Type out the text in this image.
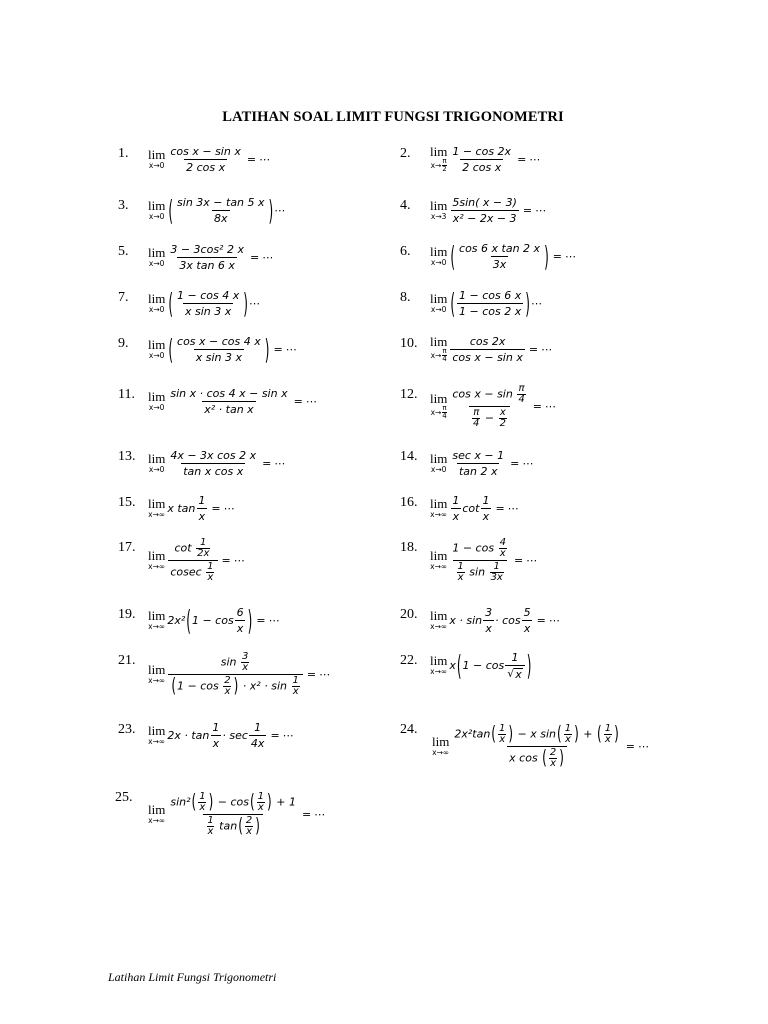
LATIHAN SOAL LIMIT FUNGSI TRIGONOMETRI
1. lim
$x\to 0 \frac{\text{cos x − sin x}}{\text{2 cos x}}$ = ⋯	2. lim
x→ π
$2 \frac{1 - \cos 2x}{\text{2 cos x}}$ = ⋯
3. lim
x→0 ( $\frac{\sin 3x - \tan 5 x}{8x}$ ) ⋯	4. lim
$x\to 3 \frac{5\sin( x - 3)}{\text{x² − 2x − 3}}$ = ⋯
5. lim
$x\to 0 \frac{\text{3 − 3cos² 2 x}}{\text{3x tan 6 x}}$ = ⋯	6. lim
x→0 ( $\frac{\text{cos 6 x tan 2 x}}{3x}$ ) = ⋯
7. lim
x→0 ( $\frac{1 - \cos 4 x}{\text{x sin 3 x}}$ ) ⋯	8. lim
x→0 ( $\frac{1 - \cos 6 x}{1 - \cos 2 x}$ ) ⋯
9. lim
x→0 ( $\frac{\text{cos x − cos 4 x}}{\text{x sin 3 x}}$ ) = ⋯	10. lim
x→ π
$4 \frac{\cos 2x}{\text{cos x − sin x}}$ = ⋯
11. lim
$x\to 0 \frac{\text{sin x · cos 4 x − sin x}}{\text{x² · tan x}}$ = ⋯	12. lim
x→ π
$4 \frac{\cos x - \sin \frac{\pi}{4}}{\frac{\pi}{4} - \frac{x}{2}}$ = ⋯
13. lim
$x\to 0 \frac{\text{4x − 3x cos 2 x}}{\text{tan x cos x}}$ = ⋯	14. lim
$x\to 0 \frac{\text{sec x − 1}}{\tan 2 x}$ = ⋯
15. lim
x→∞ x $\tan \frac{1}{x}$ = ⋯	16. lim
$x\to\infty \frac{1}{x}$ $\cot \frac{1}{x}$ = ⋯
17.
lim
$x\to\infty \frac{\cot \frac{1}{2x}}{cosec \frac{1}{x}}$ = ⋯
18.
lim
$x\to\infty \frac{1 - \cos \frac{4}{x}}{\frac{1}{x} \sin \frac{1}{3x}}$ = ⋯
19. lim
x→∞ 2x² ( $1 - \cos \frac{6}{x}$ ) = ⋯	20. lim
x→∞ $x \cdot \sin \frac{3}{x} \cdot \cos \frac{5}{x}$ = ⋯
21.
lim
$x\to\infty \frac{\sin \frac{3}{x}}{(1 - \cos \frac{2}{x} ) \cdot x^2 \cdot \sin \frac{1}{x}}$ = ⋯
22. lim
x→∞ x ( $1 - \cos \frac{1}{√ x}$ )
23. lim
x→∞ $2x \cdot \tan \frac{1}{x} \cdot \sec \frac{1}{4x}$ = ⋯	24.
lim
$x\to\infty \frac{2x^2\tan( \frac{1}{x} ) - x \sin( \frac{1}{x} ) + ( \frac{1}{x} )}{x \cos ( \frac{2}{x} )}$ = ⋯
25.
lim
$x\to\infty \frac{\sin^2( \frac{1}{x} ) - \cos( \frac{1}{x} ) + 1}{\frac{1}{x} \tan( \frac{2}{x} )}$ = ⋯
Latihan Limit Fungsi Trigonometri
